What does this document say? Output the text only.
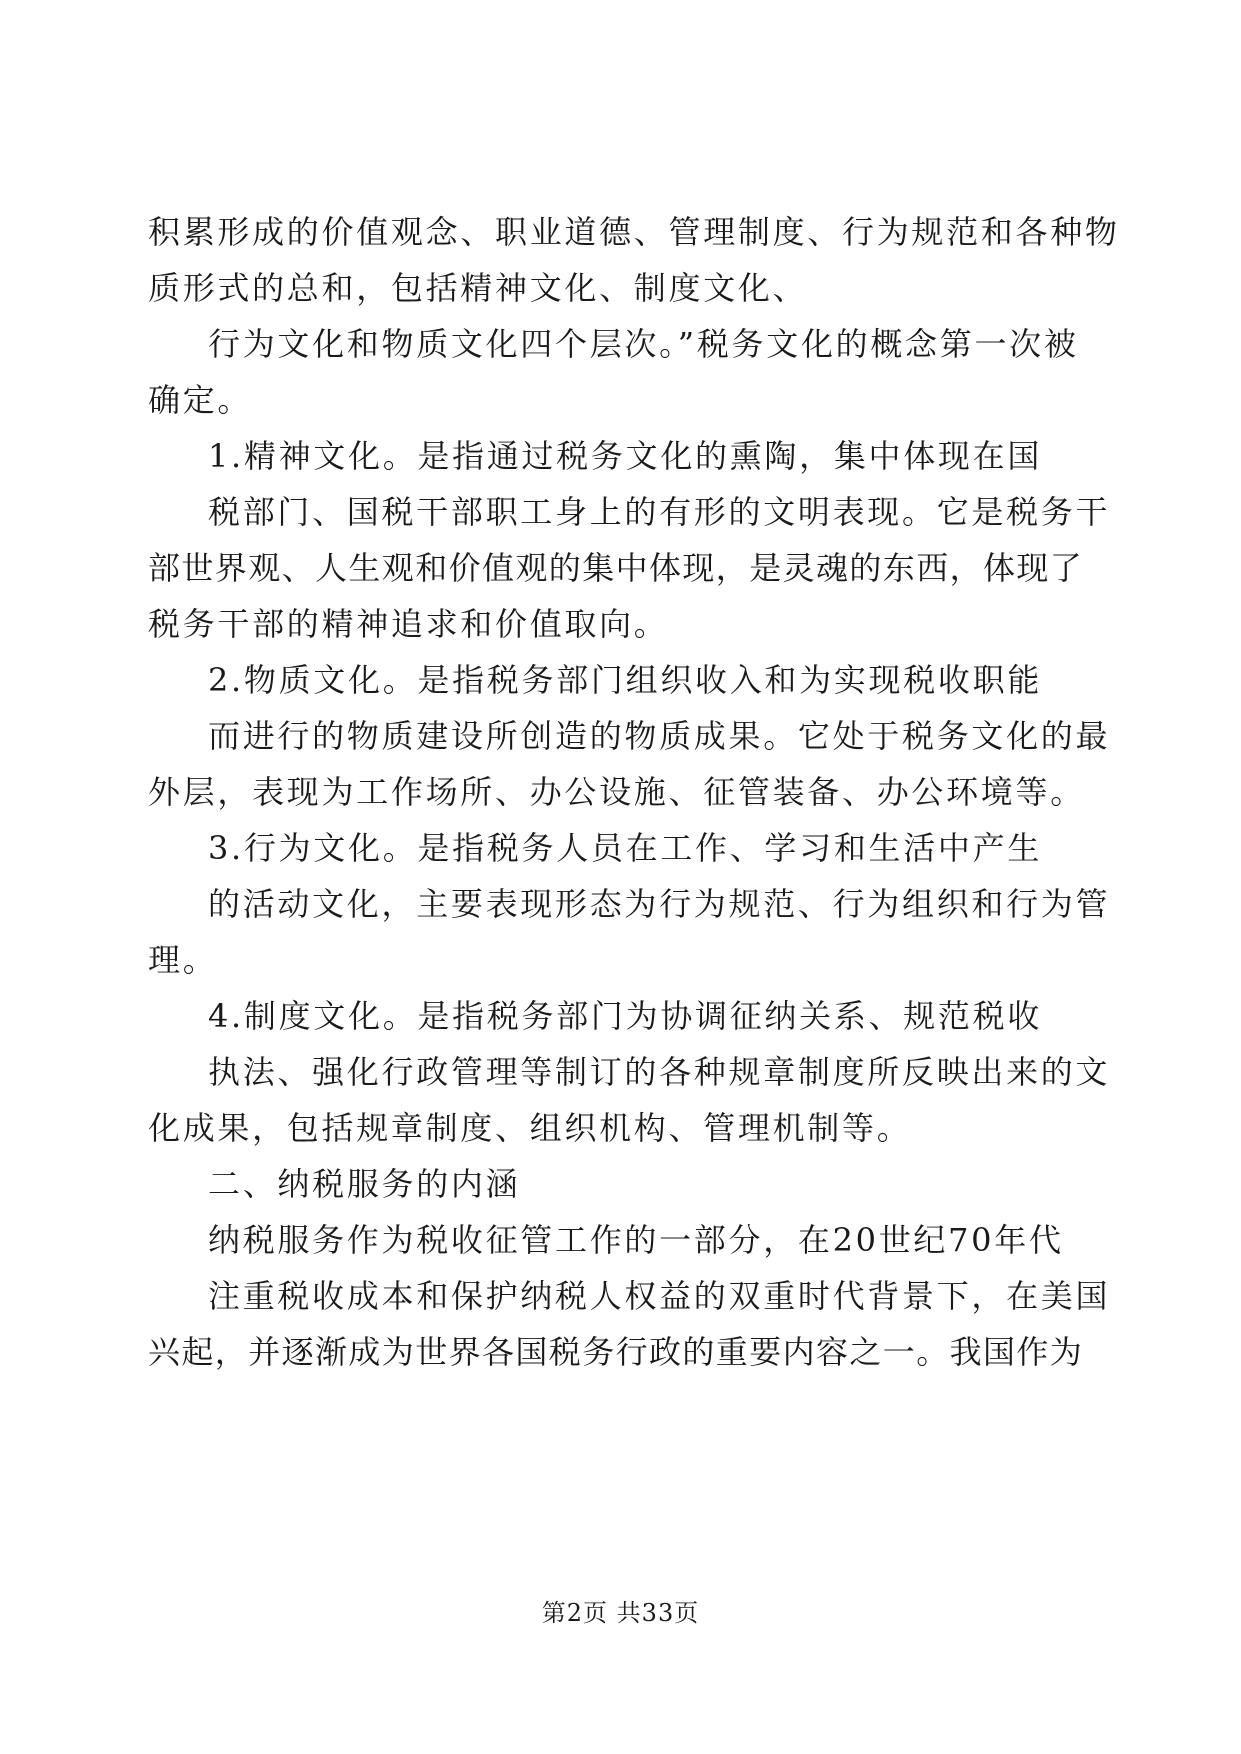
积累形成的价值观念、职业道德、管理制度、行为规范和各种物
质形式的总和，包括精神文化、制度文化、
行为文化和物质文化四个层次。”税务文化的概念第一次被
确定。
1.精神文化。是指通过税务文化的熏陶，集中体现在国
税部门、国税干部职工身上的有形的文明表现。它是税务干
部世界观、人生观和价值观的集中体现，是灵魂的东西，体现了
税务干部的精神追求和价值取向。
2.物质文化。是指税务部门组织收入和为实现税收职能
而进行的物质建设所创造的物质成果。它处于税务文化的最
外层，表现为工作场所、办公设施、征管装备、办公环境等。
3.行为文化。是指税务人员在工作、学习和生活中产生
的活动文化，主要表现形态为行为规范、行为组织和行为管
理。
4.制度文化。是指税务部门为协调征纳关系、规范税收
执法、强化行政管理等制订的各种规章制度所反映出来的文
化成果，包括规章制度、组织机构、管理机制等。
二、纳税服务的内涵
纳税服务作为税收征管工作的一部分，在20世纪70年代
注重税收成本和保护纳税人权益的双重时代背景下，在美国
兴起，并逐渐成为世界各国税务行政的重要内容之一。我国作为
第2页 共33页
